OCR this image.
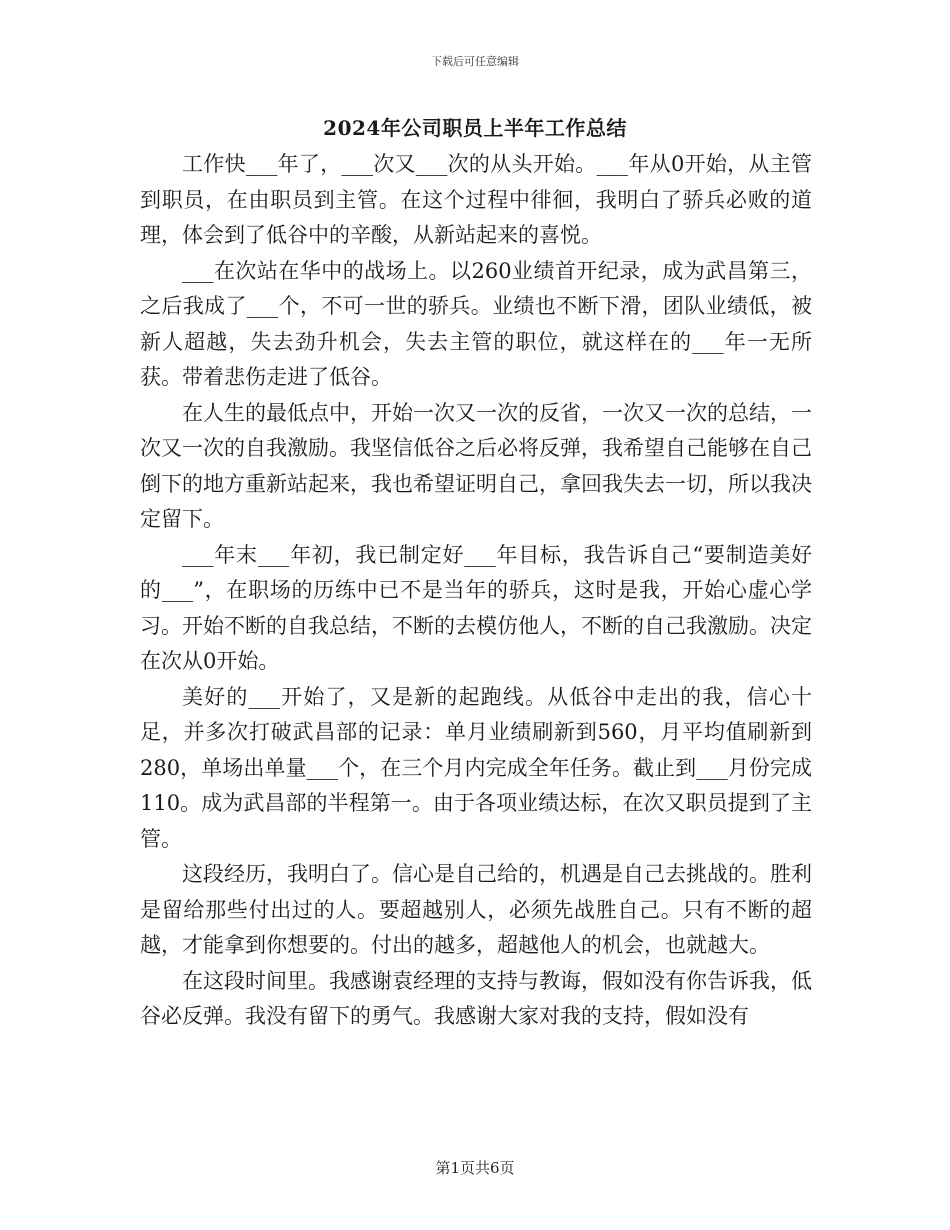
下载后可任意编辑
2024年公司职员上半年工作总结

工作快___年了，___次又___次的从头开始。___年从0开始，从主管到职员，在由职员到主管。在这个过程中徘徊，我明白了骄兵必败的道理，体会到了低谷中的辛酸，从新站起来的喜悦。

___在次站在华中的战场上。以260业绩首开纪录，成为武昌第三，之后我成了___个，不可一世的骄兵。业绩也不断下滑，团队业绩低，被新人超越，失去劲升机会，失去主管的职位，就这样在的___年一无所获。带着悲伤走进了低谷。

在人生的最低点中，开始一次又一次的反省，一次又一次的总结，一次又一次的自我激励。我坚信低谷之后必将反弹，我希望自己能够在自己倒下的地方重新站起来，我也希望证明自己，拿回我失去一切，所以我决定留下。

___年末___年初，我已制定好___年目标，我告诉自己“要制造美好的___”，在职场的历练中已不是当年的骄兵，这时是我，开始心虚心学习。开始不断的自我总结，不断的去模仿他人，不断的自己我激励。决定在次从0开始。

美好的___开始了，又是新的起跑线。从低谷中走出的我，信心十足，并多次打破武昌部的记录：单月业绩刷新到560，月平均值刷新到280，单场出单量___个，在三个月内完成全年任务。截止到___月份完成110。成为武昌部的半程第一。由于各项业绩达标，在次又职员提到了主管。

这段经历，我明白了。信心是自己给的，机遇是自己去挑战的。胜利是留给那些付出过的人。要超越别人，必须先战胜自己。只有不断的超越，才能拿到你想要的。付出的越多，超越他人的机会，也就越大。

在这段时间里。我感谢袁经理的支持与教诲，假如没有你告诉我，低谷必反弹。我没有留下的勇气。我感谢大家对我的支持，假如没有

第1页共6页
